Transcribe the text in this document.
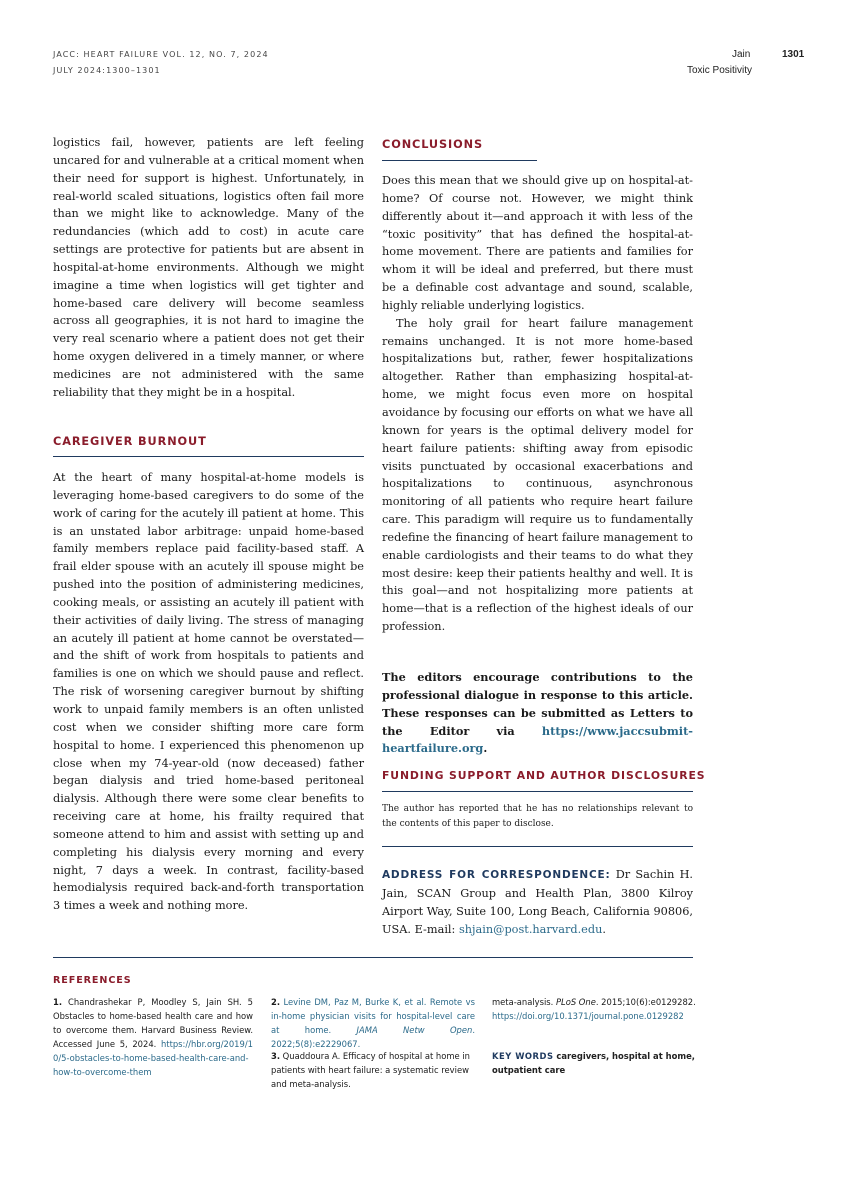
JACC: HEART FAILURE VOL. 12, NO. 7, 2024
JULY 2024:1300–1301
Jain	1301
Toxic Positivity

logistics fail, however, patients are left feeling uncared for and vulnerable at a critical moment when their need for support is highest. Unfortunately, in real-world scaled situations, logistics often fail more than we might like to acknowledge. Many of the redundancies (which add to cost) in acute care settings are protective for patients but are absent in hospital-at-home environments. Although we might imagine a time when logistics will get tighter and home-based care delivery will become seamless across all geographies, it is not hard to imagine the very real scenario where a patient does not get their home oxygen delivered in a timely manner, or where medicines are not administered with the same reliability that they might be in a hospital.

CAREGIVER BURNOUT

At the heart of many hospital-at-home models is leveraging home-based caregivers to do some of the work of caring for the acutely ill patient at home. This is an unstated labor arbitrage: unpaid home-based family members replace paid facility-based staff. A frail elder spouse with an acutely ill spouse might be pushed into the position of administering medicines, cooking meals, or assisting an acutely ill patient with their activities of daily living. The stress of managing an acutely ill patient at home cannot be overstated—and the shift of work from hospitals to patients and families is one on which we should pause and reflect. The risk of worsening caregiver burnout by shifting work to unpaid family members is an often unlisted cost when we consider shifting more care form hospital to home. I experienced this phenomenon up close when my 74-year-old (now deceased) father began dialysis and tried home-based peritoneal dialysis. Although there were some clear benefits to receiving care at home, his frailty required that someone attend to him and assist with setting up and completing his dialysis every morning and every night, 7 days a week. In contrast, facility-based hemodialysis required back-and-forth transportation 3 times a week and nothing more.

CONCLUSIONS

Does this mean that we should give up on hospital-at-home? Of course not. However, we might think differently about it—and approach it with less of the “toxic positivity” that has defined the hospital-at-home movement. There are patients and families for whom it will be ideal and preferred, but there must be a definable cost advantage and sound, scalable, highly reliable underlying logistics.

The holy grail for heart failure management remains unchanged. It is not more home-based hospitalizations but, rather, fewer hospitalizations altogether. Rather than emphasizing hospital-at-home, we might focus even more on hospital avoidance by focusing our efforts on what we have all known for years is the optimal delivery model for heart failure patients: shifting away from episodic visits punctuated by occasional exacerbations and hospitalizations to continuous, asynchronous monitoring of all patients who require heart failure care. This paradigm will require us to fundamentally redefine the financing of heart failure management to enable cardiologists and their teams to do what they most desire: keep their patients healthy and well. It is this goal—and not hospitalizing more patients at home—that is a reflection of the highest ideals of our profession.

The editors encourage contributions to the professional dialogue in response to this article. These responses can be submitted as Letters to the Editor via https://www.jaccsubmit-heartfailure.org.

FUNDING SUPPORT AND AUTHOR DISCLOSURES
The author has reported that he has no relationships relevant to the contents of this paper to disclose.

ADDRESS FOR CORRESPONDENCE: Dr Sachin H. Jain, SCAN Group and Health Plan, 3800 Kilroy Airport Way, Suite 100, Long Beach, California 90806, USA. E-mail: shjain@post.harvard.edu.

REFERENCES
1. Chandrashekar P, Moodley S, Jain SH. 5 Obstacles to home-based health care and how to overcome them. Harvard Business Review. Accessed June 5, 2024. https://hbr.org/2019/10/5-obstacles-to-home-based-health-care-and-how-to-overcome-them
2. Levine DM, Paz M, Burke K, et al. Remote vs in-home physician visits for hospital-level care at home. JAMA Netw Open. 2022;5(8):e2229067.
3. Quaddoura A. Efficacy of hospital at home in patients with heart failure: a systematic review and meta-analysis.
meta-analysis. PLoS One. 2015;10(6):e0129282. https://doi.org/10.1371/journal.pone.0129282
KEY WORDS caregivers, hospital at home, outpatient care
